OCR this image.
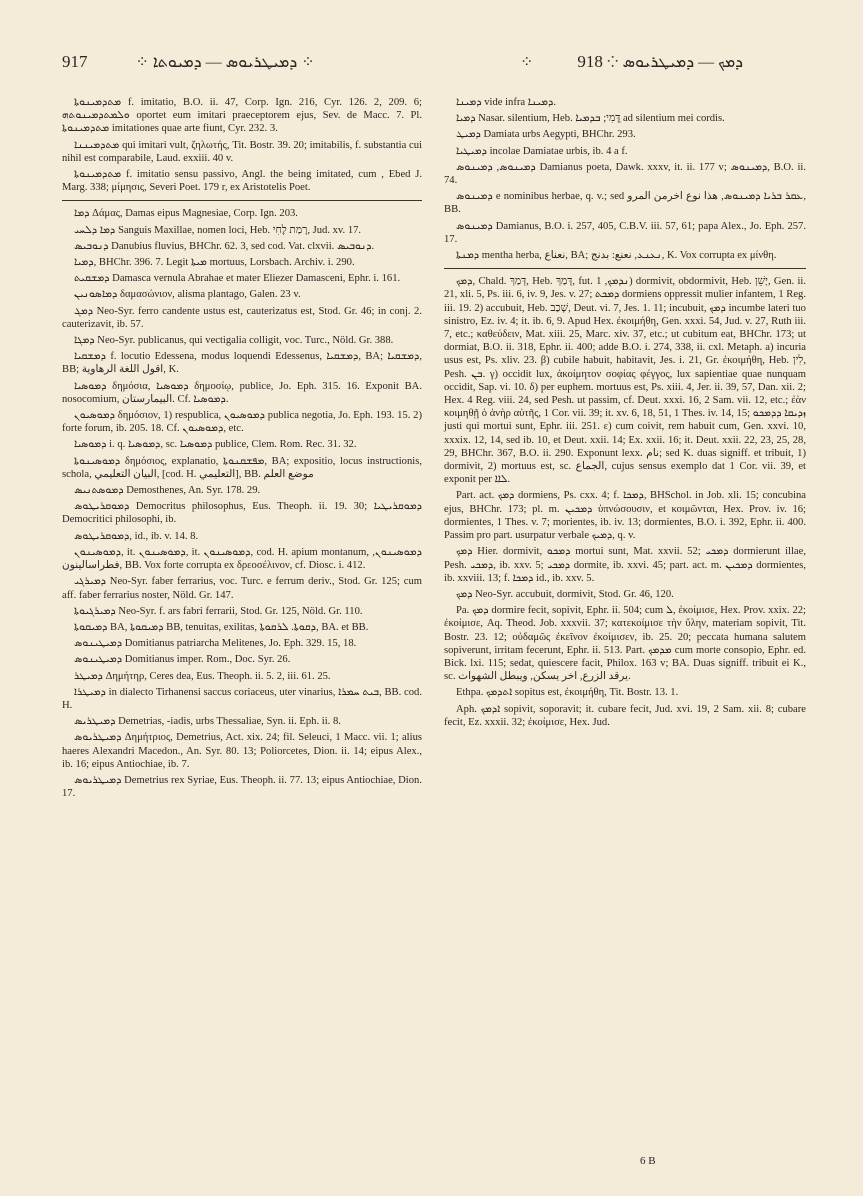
917	⁘ ܕܡܝܛܪܝܘܣ — ܕܡܝܘܬܐ ⁘	⁘ ܕܡܟ — ܕܡܝܛܪܝܘܣ ⁘ 918

ܡܬܕܡܝܢܘܬܐ f. imitatio, B.O. ii. 47, Corp. Ign. 216, Cyr. 126. 2, 209. 6; ܘܠܡܬܕܡܝܢܘܬܗ oportet eum imitari praeceptorem ejus, Sev. de Macc. 7. Pl. ܡܬܕܡܝܢܘܬܐ imitationes quae arte fiunt, Cyr. 232. 3.

ܡܬܕܡܝܢܢܐ qui imitari vult, ζηλωτής, Tit. Bostr. 39. 20; imitabilis, f. substantia cui nihil est comparabile, Laud. exxiii. 40 v.

ܡܬܕܡܝܢܘܬܐ f. imitatio sensu passivo, Angl. the being imitated, cum , Ebed J. Marg. 338; μίμησις, Severi Poet. 179 r, ex Aristotelis Poet.

ܕܡܐ Δάμας, Damas eipus Magnesiae, Corp. Ign. 203.

ܕܡܐ ܕܠܚܝ Sanguis Maxillae, nomen loci, Heb. רָמַת לֶחִי, Jud. xv. 17.

ܕܢܘܒܝܣ Danubius fluvius, BHChr. 62. 3, sed cod. Vat. clxvii. ܕܢܘܒܝܣ.

ܕܡܝܐ, BHChr. 396. 7. Legit ܡܝܬܐ mortuus, Lorsbach. Archiv. i. 290.

ܕܡܫܩܝܬ Damasca vernula Abrahae et mater Eliezer Damasceni, Ephr. i. 161.

ܕܡܐܣܘܢܝܢ δαμασώνιον, alisma plantago, Galen. 23 v.

ܕܡܓ Neo-Syr. ferro candente ustus est, cauterizatus est, Stod. Gr. 46; in conj. 2. cauterizavit, ib. 57.

ܕܡܓܐ Neo-Syr. publicanus, qui vectigalia colligit, voc. Turc., Nöld. Gr. 388.

ܕܡܫܩܝܐ f. locutio Edessena, modus loquendi Edessenus, ܕܡܫܩܝܐ, BA; ܕܡܫܩܝܐ, BB; اقول اللغة الرهاوية, K.

ܕܡܘܣܝܐ δημόσια, ܕܡܘܣܝܐ δημοσίῳ, publice, Jo. Eph. 315. 16. Exponit BA. nosocomium, البيمارستان. Cf. ܕܡܘܣܝܐ.

ܕܡܘܣܝܘܢ δημόσιον, 1) respublica, ܕܡܘܣܝܘܢ publica negotia, Jo. Eph. 193. 15. 2) forte forum, ib. 205. 18. Cf. ܕܡܘܣܝܘܢ, etc.

ܕܡܘܣܝܐ i. q. ܕܡܘܣܝܐ, sc. ܕܡܘܣܝܐ publice, Clem. Rom. Rec. 31. 32.

ܕܡܘܣܝܢܘܬܐ δημόσιος, explanatio, ܡܦܫܩܢܘܬܐ, BA; expositio, locus instructionis, schola, البيان التعليمي, [cod. H. التعليمي], BB. موضع العلم

ܕܡܘܣܬܢܝܣ Demosthenes, An. Syr. 178. 29.

ܕܡܘܩܪܝܛܘܣ Democritus philosophus, Eus. Theoph. ii. 19. 30; ܕܡܘܩܪܝܛܝܐ Democritici philosophi, ib.

ܕܡܘܩܪܝܛܘܣ, id., ib. v. 14. 8.

ܕܡܘܣܝܢܘܢ, it. ܕܡܘܣܝܢܘܢ, it. ܕܡܘܣܝܢܘܢ, cod. H. apium montanum, ܕܡܘܣܝܢܘܢ, فطراسالينون, BB. Vox forte corrupta ex δρεοσέλινον, cf. Diosc. i. 412.

ܕܡܝܪܓܝ Neo-Syr. faber ferrarius, voc. Turc. e ferrum deriv., Stod. Gr. 125; cum aff. faber ferrarius noster, Nöld. Gr. 147.

ܕܡܝܪܓܝܘܬܐ Neo-Syr. f. ars fabri ferrarii, Stod. Gr. 125, Nöld. Gr. 110.

ܕܡܝܩܘܬܐ BA, ܕܡܝܩܘܬܐ BB, tenuitas, exilitas, ܕܩܘܬܐ. ܠܪܩܘܬܐ, BA. et BB.

ܕܡܝܛܝܢܘܣ Domitianus patriarcha Melitenes, Jo. Eph. 329. 15, 18.

ܕܡܝܛܝܢܘܣ Domitianus imper. Rom., Doc. Syr. 26.

ܕܡܝܛܪ Δημήτηρ, Ceres dea, Eus. Theoph. ii. 5. 2, iii. 61. 25.

ܕܡܝܛܪܐ in dialecto Tirhanensi saccus coriaceus, uter vinarius, ܒܝܬ ܚܡܪܐ, BB. cod. H.

ܕܡܝܛܪܝܣ Demetrias, -iadis, urbs Thessaliae, Syn. ii. Eph. ii. 8.

ܕܡܝܛܪܝܘܣ Δημήτριος, Demetrius, Act. xix. 24; fil. Seleuci, 1 Macc. vii. 1; alius haeres Alexandri Macedon., An. Syr. 80. 13; Poliorcetes, Dion. ii. 14; eipus Alex., ib. 16; eipus Antiochiae, ib. 7.

ܕܡܝܛܪܝܘܣ Demetrius rex Syriae, Eus. Theoph. ii. 77. 13; eipus Antiochiae, Dion. 17.

ܕܡܝܢܐ vide infra ܕܡܝܢܐ.

ܕܡܝܐ Nasar. silentium, Heb. דֳּמִי; ܒܕܡܝܐ ad silentium mei cordis.

ܕܡܝܛ Damiata urbs Aegypti, BHChr. 293.

ܕܡܝܛܝܐ incolae Damiatae urbis, ib. 4 a f.

ܕܡܝܢܘܣ, ܕܡܝܢܘܣ Damianus poeta, Dawk. xxxv, it. ii. 177 v; ܕܡܝܢܘܣ, B.O. ii. 74.

ܕܡܝܢܘܣ e nominibus herbae, q. v.; sed ܥܩܪ ܒܪܝܐ ܕܡܝܢܘܣ, هذا نوع اخرمن المرو, BB.

ܕܡܝܢܘܣ Damianus, B.O. i. 257, 405, C.B.V. iii. 57, 61; papa Alex., Jo. Eph. 257. 17.

ܕܡܢܬܐ mentha herba, نعناع, BA; ܢܥܢܥ, نعنع: بدنج, K. Vox corrupta ex μίνθη.

ܕܡܟ, Chald. דְּמַךְ, Heb. דָּמַךְ, fut. ܢܕܡܟ, 1) dormivit, obdormivit, Heb. יָשֵׁן, Gen. ii. 21, xli. 5, Ps. iii. 6, iv. 9, Jes. v. 27; ܕܡܟܬ dormiens oppressit mulier infantem, 1 Reg. iii. 19. 2) accubuit, Heb. שָׁכַב, Deut. vi. 7, Jes. 1. 11; incubuit, ܕܡܟ incumbe lateri tuo sinistro, Ez. iv. 4; it. ib. 6, 9. Apud Hex. ἐκοιμήθη, Gen. xxxi. 54, Jud. v. 27, Ruth iii. 7, etc.; καθεύδειν, Mat. xiii. 25, Marc. xiv. 37, etc.; ut cubitum eat, BHChr. 173; ut dormiat, B.O. ii. 318, Ephr. ii. 400; adde B.O. i. 274, 338, ii. cxl. Metaph. a) incuria usus est, Ps. xliv. 23. β) cubile habuit, habitavit, Jes. i. 21, Gr. ἐκοιμήθη, Heb. לִין, Pesh. ܒܢ. γ) occidit lux, ἀκοίμητον σοφίας φέγγος, lux sapientiae quae nunquam occidit, Sap. vi. 10. δ) per euphem. mortuus est, Ps. xiii. 4, Jer. ii. 39, 57, Dan. xii. 2; Hex. 4 Reg. viii. 24, sed Pesh. ut passim, cf. Deut. xxxi. 16, 2 Sam. vii. 12, etc.; ἐὰν κοιμηθῇ ὁ ἀνὴρ αὐτῆς, 1 Cor. vii. 39; it. xv. 6, 18, 51, 1 Thes. iv. 14, 15; ܙܕܝܩܐ ܕܕܡܟܘ justi qui mortui sunt, Ephr. iii. 251. ε) cum coivit, rem habuit cum, Gen. xxvi. 10, xxxix. 12, 14, sed ib. 10, et Deut. xxii. 14; Ex. xxii. 16; it. Deut. xxii. 22, 23, 25, 28, 29, BHChr. 367, B.O. ii. 290. Exponunt lexx. نام; sed K. duas signiff. et tribuit, 1) dormivit, 2) mortuus est, sc. الجماع, cujus sensus exemplo dat 1 Cor. vii. 39, et exponit per ܠܐܐ.

Part. act. ܕܡܟ dormiens, Ps. cxx. 4; f. ܕܡܟܐ, BHSchol. in Job. xli. 15; concubina ejus, BHChr. 173; pl. m. ܕܡܟܝܢ ὑπνώσουσιν, et κοιμῶνται, Hex. Prov. iv. 16; dormientes, 1 Thes. v. 7; morientes, ib. iv. 13; dormientes, B.O. i. 392, Ephr. ii. 400. Passim pro part. usurpatur verbale ܕܡܝܟ, q. v.

ܕܡܟ Hier. dormivit, ܕܡܟܘ mortui sunt, Mat. xxvii. 52; ܕܡܟܝ dormierunt illae, Pesh. ܕܡܟܝ, ib. xxv. 5; ܕܡܟܝ dormite, ib. xxvi. 45; part. act. m. ܕܡܟܝܢ dormientes, ib. xxviii. 13; f. ܕܡܟܐ id., ib. xxv. 5.

ܕܡܟ Neo-Syr. accubuit, dormivit, Stod. Gr. 46, 120.

Pa. ܕܡܟ dormire fecit, sopivit, Ephr. ii. 504; cum ܠ, ἐκοίμισε, Hex. Prov. xxix. 22; ἐκοίμισε, Aq. Theod. Job. xxxvii. 37; κατεκοίμισε τὴν ὕλην, materiam sopivit, Tit. Bostr. 23. 12; οὐδαμῶς ἐκεῖνον ἐκοίμισεν, ib. 25. 20; peccata humana salutem sopiverunt, irritam fecerunt, Ephr. ii. 513. Part. ܡܕܡܟ cum morte consopio, Ephr. ed. Bick. lxi. 115; sedat, quiescere facit, Philox. 163 v; BA. Duas signiff. tribuit ei K., sc. يرقد الزرع, اخر يسكن, ويبطل الشهوات.

Ethpa. ܐܬܕܡܟ sopitus est, ἐκοιμήθη, Tit. Bostr. 13. 1.

Aph. ܐܕܡܟ sopivit, soporavit; it. cubare fecit, Jud. xvi. 19, 2 Sam. xii. 8; cubare fecit, Ez. xxxii. 32; ἐκοίμισε, Hex. Jud.

6 B
